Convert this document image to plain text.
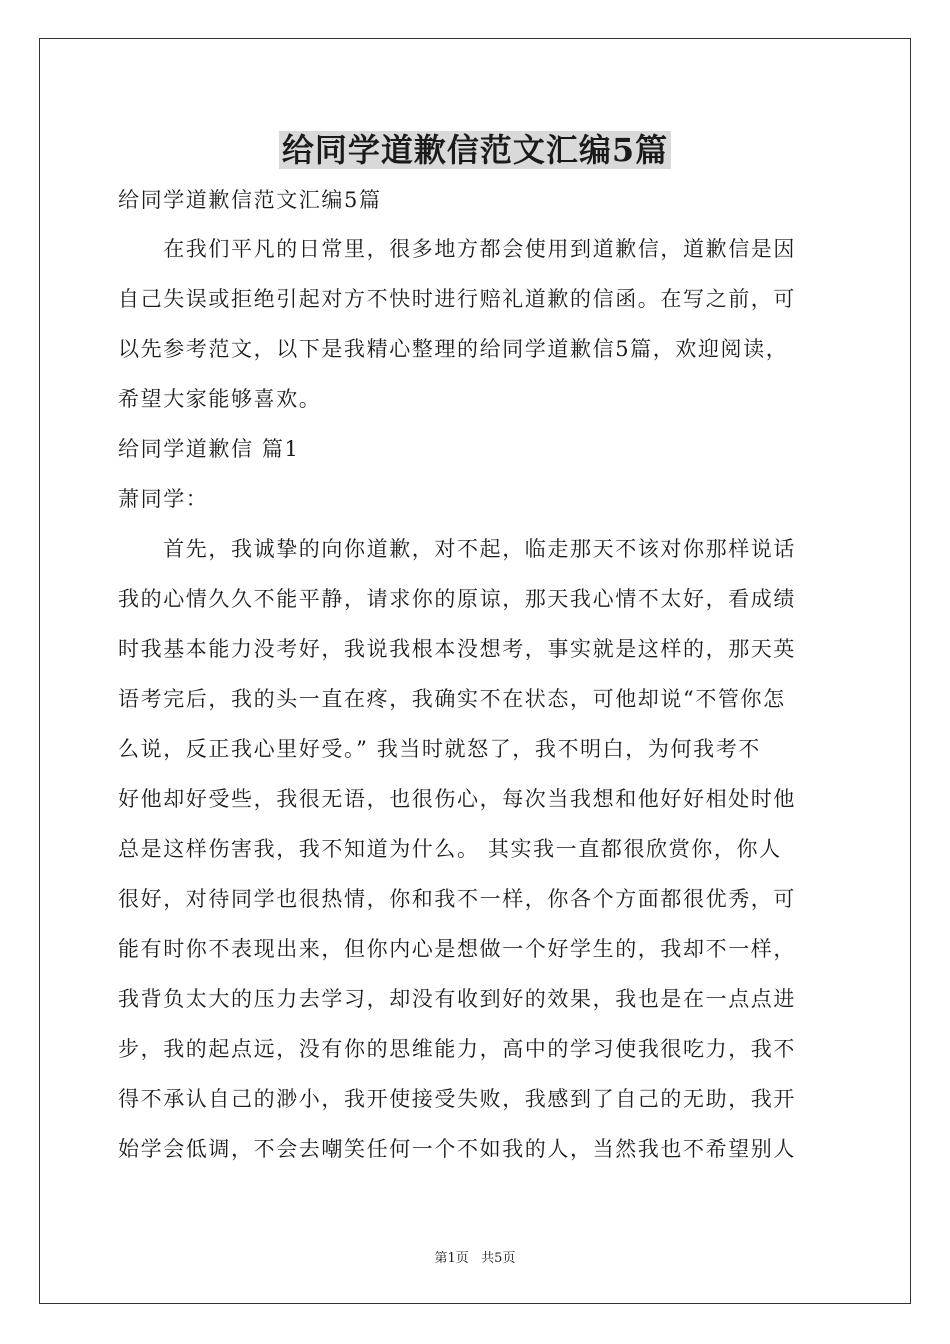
给同学道歉信范文汇编5篇
给同学道歉信范文汇编5篇
　　在我们平凡的日常里，很多地方都会使用到道歉信，道歉信是因
自己失误或拒绝引起对方不快时进行赔礼道歉的信函。在写之前，可
以先参考范文，以下是我精心整理的给同学道歉信5篇，欢迎阅读，
希望大家能够喜欢。
给同学道歉信 篇1
萧同学：
　　首先，我诚挚的向你道歉，对不起，临走那天不该对你那样说话
我的心情久久不能平静，请求你的原谅，那天我心情不太好，看成绩
时我基本能力没考好，我说我根本没想考，事实就是这样的，那天英
语考完后，我的头一直在疼，我确实不在状态，可他却说“不管你怎
么说，反正我心里好受。” 我当时就怒了，我不明白，为何我考不
好他却好受些，我很无语，也很伤心，每次当我想和他好好相处时他
总是这样伤害我，我不知道为什么。 其实我一直都很欣赏你，你人
很好，对待同学也很热情，你和我不一样，你各个方面都很优秀，可
能有时你不表现出来，但你内心是想做一个好学生的，我却不一样，
我背负太大的压力去学习，却没有收到好的效果，我也是在一点点进
步，我的起点远，没有你的思维能力，高中的学习使我很吃力，我不
得不承认自己的渺小，我开使接受失败，我感到了自己的无助，我开
始学会低调，不会去嘲笑任何一个不如我的人，当然我也不希望别人
第1页   共5页
